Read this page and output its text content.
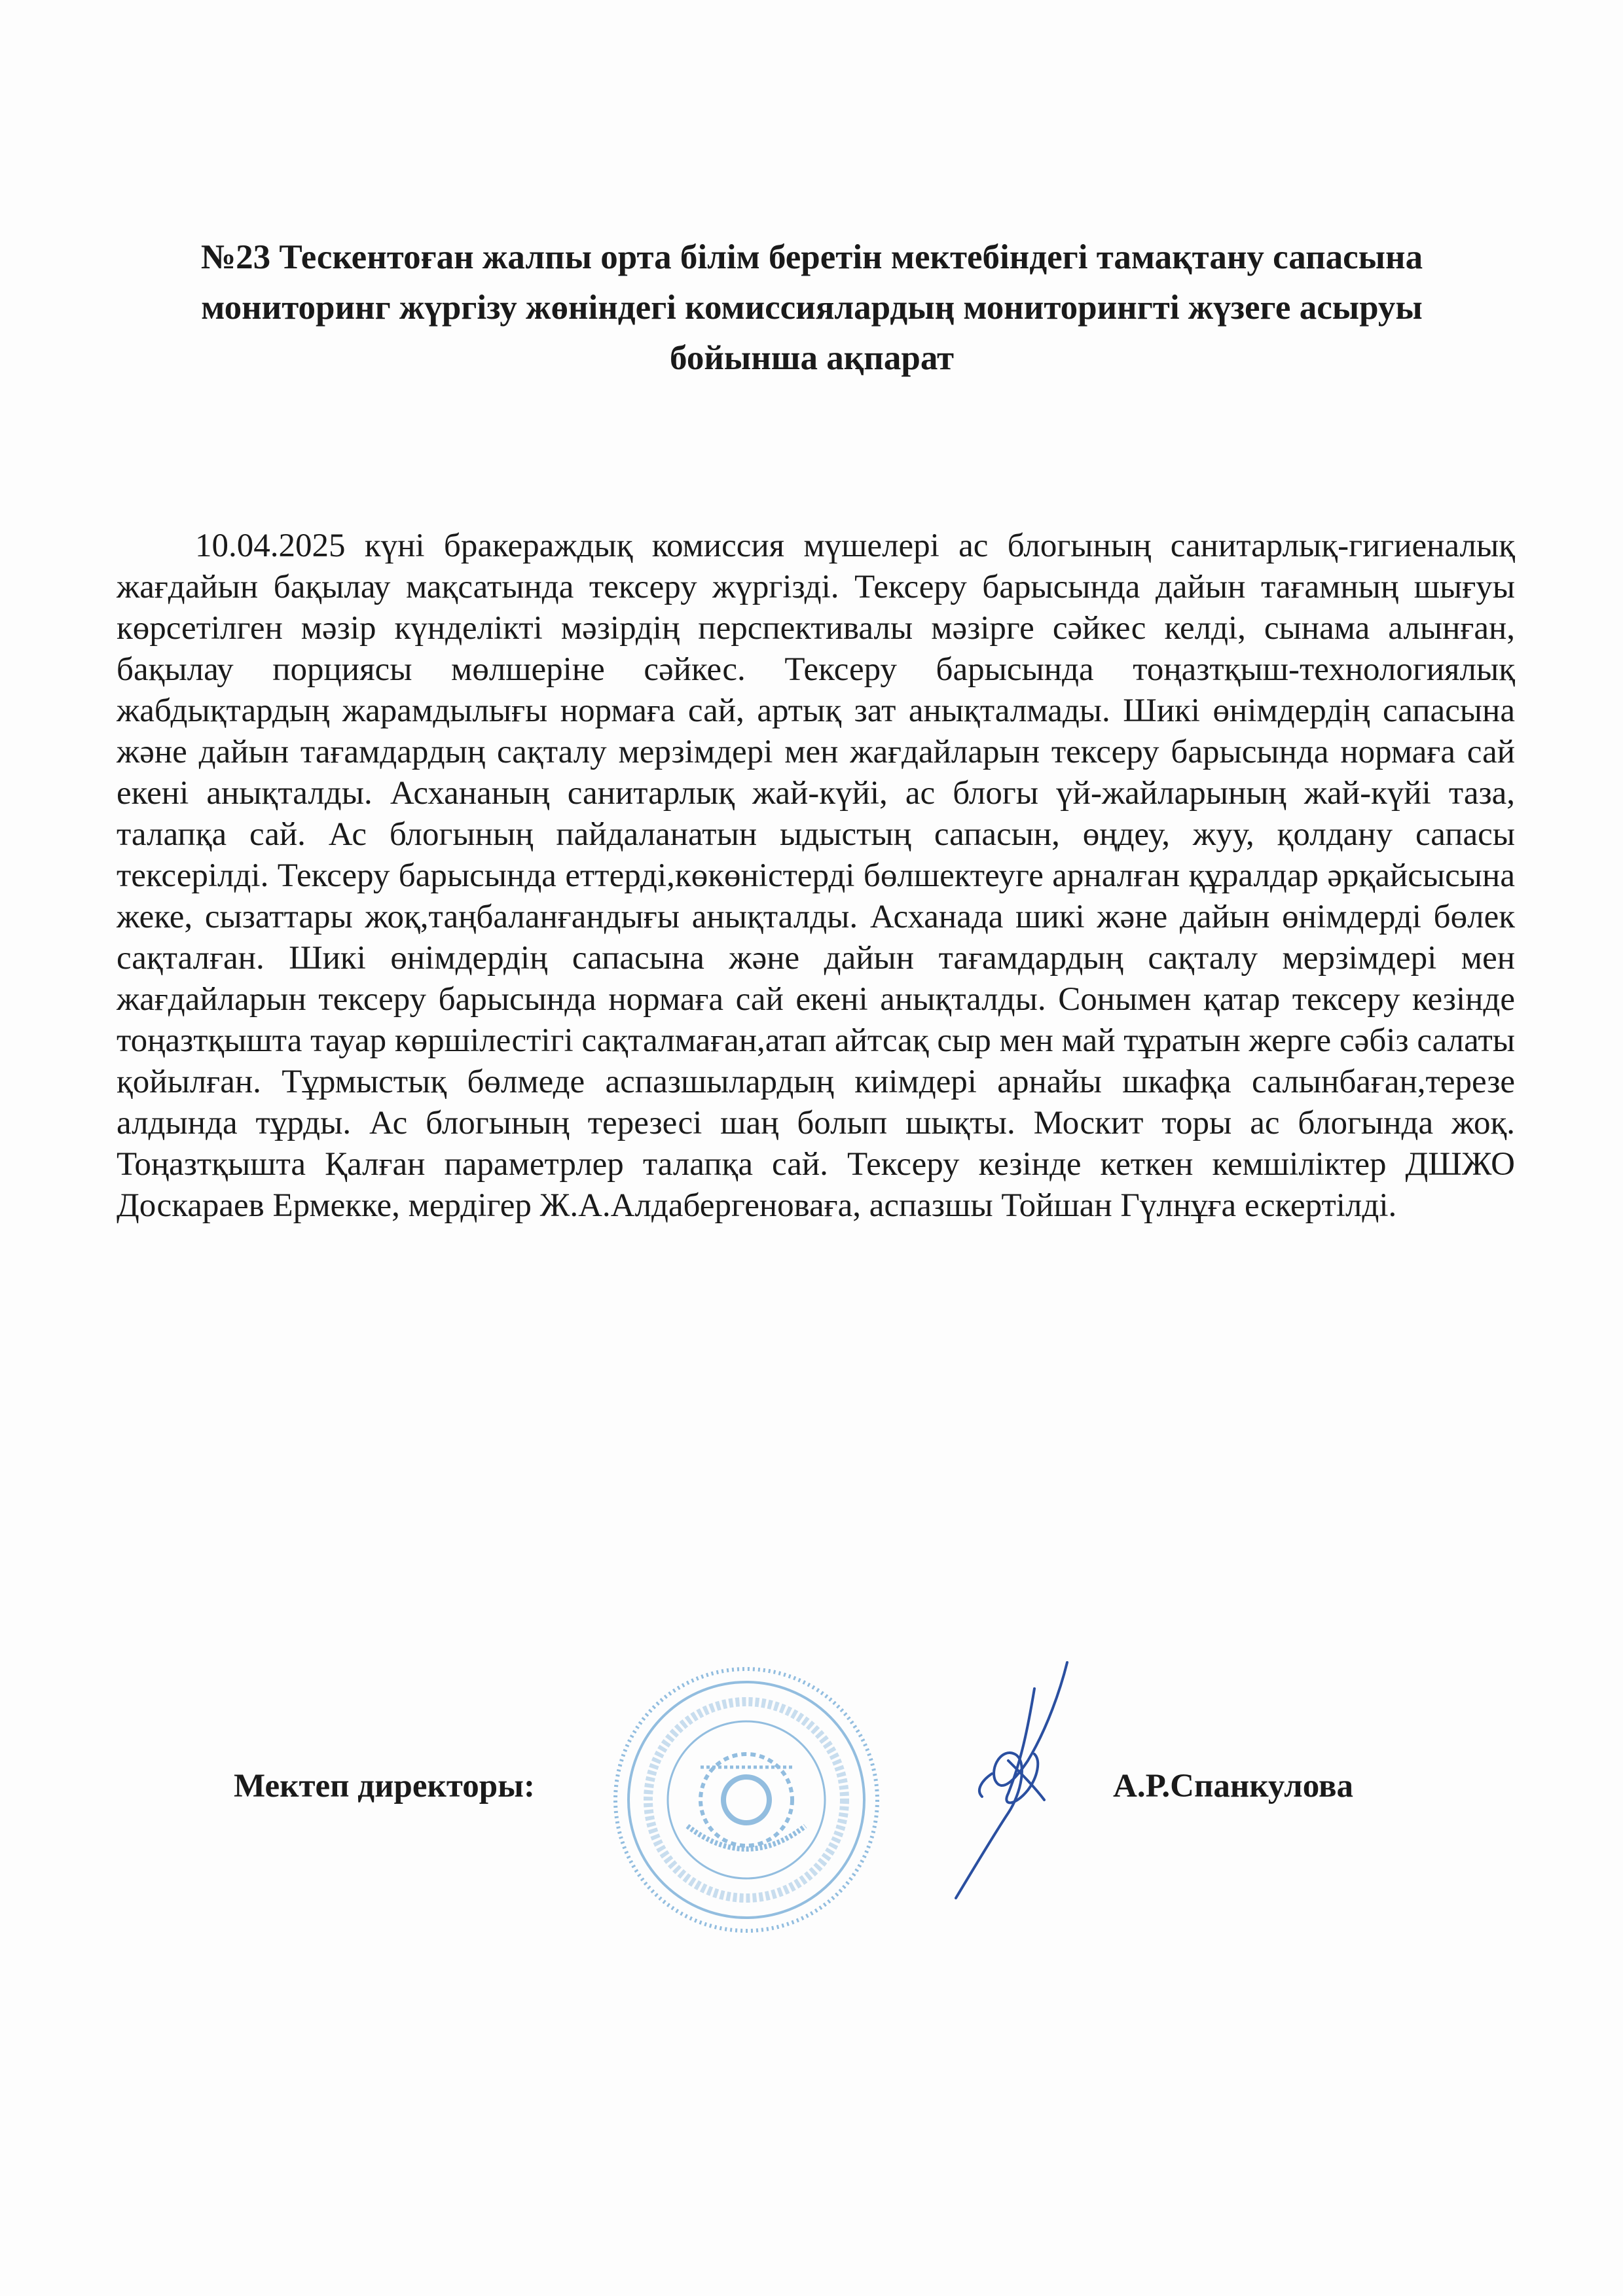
№23 Тескентоған жалпы орта білім беретін мектебіндегі тамақтану сапасына мониторинг жүргізу жөніндегі комиссиялардың мониторингті жүзеге асыруы бойынша ақпарат
10.04.2025 күні бракераждық комиссия мүшелері ас блогының санитарлық-гигиеналық жағдайын бақылау мақсатында тексеру жүргізді. Тексеру барысында дайын тағамның шығуы көрсетілген мәзір күнделікті мәзірдің перспективалы мәзірге сәйкес келді, сынама алынған, бақылау порциясы мөлшеріне сәйкес. Тексеру барысында тоңазтқыш-технологиялық жабдықтардың жарамдылығы нормаға сай, артық зат анықталмады. Шикі өнімдердің сапасына және дайын тағамдардың сақталу мерзімдері мен жағдайларын тексеру барысында нормаға сай екені анықталды. Асхананың санитарлық жай-күйі, ас блогы үй-жайларының жай-күйі таза, талапқа сай. Ас блогының пайдаланатын ыдыстың сапасын, өңдеу, жуу, қолдану сапасы тексерілді. Тексеру барысында еттерді,көкөністерді бөлшектеуге арналған құралдар әрқайсысына жеке, сызаттары жоқ,таңбаланғандығы анықталды. Асханада шикі және дайын өнімдерді бөлек сақталған. Шикі өнімдердің сапасына және дайын тағамдардың сақталу мерзімдері мен жағдайларын тексеру барысында нормаға сай екені анықталды. Сонымен қатар тексеру кезінде тоңазтқышта тауар көршілестігі сақталмаған,атап айтсақ сыр мен май тұратын жерге сәбіз салаты қойылған. Тұрмыстық бөлмеде аспазшылардың киімдері арнайы шкафқа салынбаған,терезе алдында тұрды. Ас блогының терезесі шаң болып шықты. Москит торы ас блогында жоқ. Тоңазтқышта Қалған параметрлер талапқа сай. Тексеру кезінде кеткен кемшіліктер ДШЖО Доскараев Ермекке, мердігер Ж.А.Алдабергеноваға, аспазшы Тойшан Гүлнұға ескертілді.
Мектеп директоры:	А.Р.Спанкулова
